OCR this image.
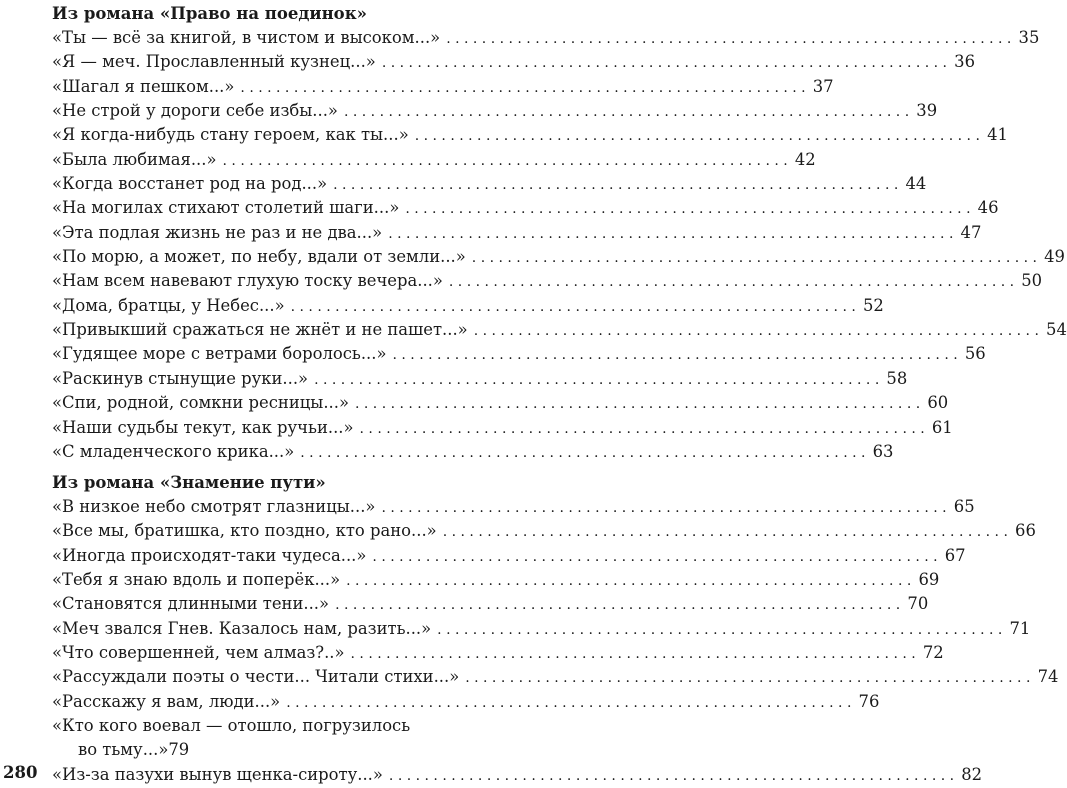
Из романа «Право на поединок»
«Ты — всё за книгой, в чистом и высоком...» . . .	35
«Я — меч. Прославленный кузнец...» . . .	36
«Шагал я пешком...» . . .	37
«Не строй у дороги себе избы...» . . .	39
«Я когда-нибудь стану героем, как ты...» . . .	41
«Была любимая...» . . .	42
«Когда восстанет род на род...» . . .	44
«На могилах стихают столетий шаги...» . . .	46
«Эта подлая жизнь не раз и не два...» . . .	47
«По морю, а может, по небу, вдали от земли...» . . .	49
«Нам всем навевают глухую тоску вечера...» . . .	50
«Дома, братцы, у Небес...» . . .	52
«Привыкший сражаться не жнёт и не пашет...» . . .	54
«Гудящее море с ветрами боролось...» . . .	56
«Раскинув стынущие руки...» . . .	58
«Спи, родной, сомкни ресницы...» . . .	60
«Наши судьбы текут, как ручьи...» . . .	61
«С младенческого крика...» . . .	63
Из романа «Знамение пути»
«В низкое небо смотрят глазницы...» . . .	65
«Все мы, братишка, кто поздно, кто рано...» . . .	66
«Иногда происходят-таки чудеса...» . . .	67
«Тебя я знаю вдоль и поперёк...» . . .	69
«Становятся длинными тени...» . . .	70
«Меч звался Гнев. Казалось нам, разить...» . . .	71
«Что совершенней, чем алмаз?..» . . .	72
«Рассуждали поэты о чести... Читали стихи...» . . .	74
«Расскажу я вам, люди...» . . .	76
«Кто кого воевал — отошло, погрузилось
во тьму...» 79
«Из-за пазухи вынув щенка-сироту...» . . .	82
280
